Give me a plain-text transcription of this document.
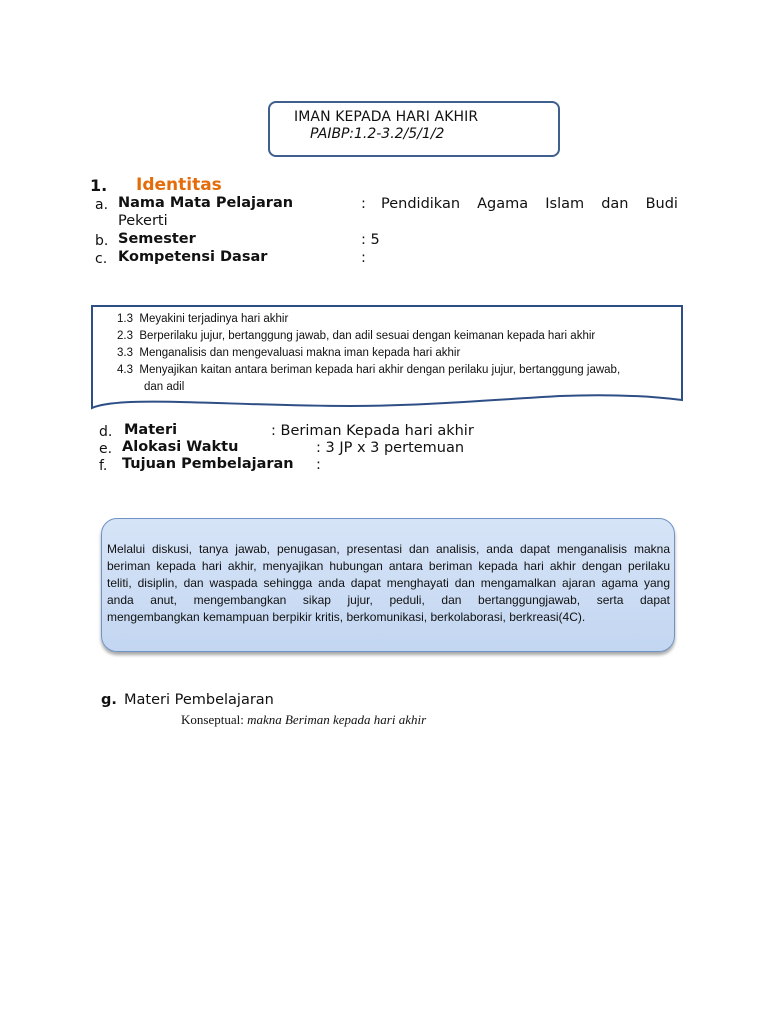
IMAN KEPADA HARI AKHIR
PAIBP:1.2-3.2/5/1/2
1. Identitas
a. Nama Mata Pelajaran	: Pendidikan Agama Islam dan Budi
Pekerti
b. Semester	: 5
c. Kompetensi Dasar	:
1.3 Meyakini terjadinya hari akhir
2.3 Berperilaku jujur, bertanggung jawab, dan adil sesuai dengan keimanan kepada hari akhir
3.3 Menganalisis dan mengevaluasi makna iman kepada hari akhir
4.3 Menyajikan kaitan antara beriman kepada hari akhir dengan perilaku jujur, bertanggung jawab,
dan adil
d. Materi	: Beriman Kepada hari akhir
e. Alokasi Waktu	: 3 JP x 3 pertemuan
f. Tujuan Pembelajaran :
Melalui diskusi, tanya jawab, penugasan, presentasi dan analisis, anda dapat menganalisis makna
beriman kepada hari akhir, menyajikan hubungan antara beriman kepada hari akhir dengan perilaku
teliti, disiplin, dan waspada sehingga anda dapat menghayati dan mengamalkan ajaran agama yang
anda anut, mengembangkan sikap jujur, peduli, dan bertanggungjawab, serta dapat
mengembangkan kemampuan berpikir kritis, berkomunikasi, berkolaborasi, berkreasi(4C).
g. Materi Pembelajaran
Konseptual: makna Beriman kepada hari akhir
